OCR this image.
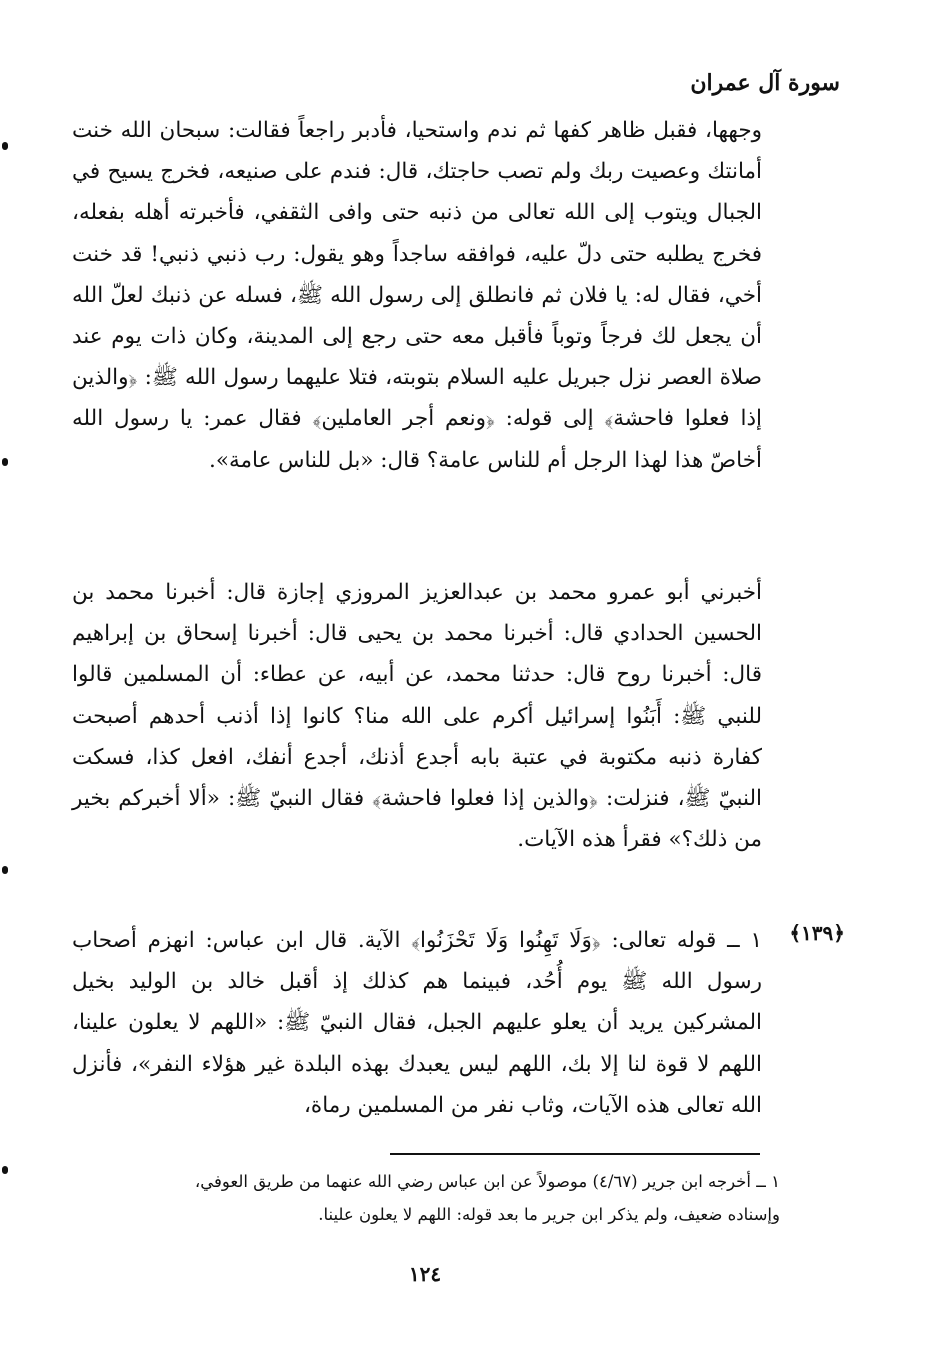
سورة آل عمران

وجهها، فقبل ظاهر كفها ثم ندم واستحيا، فأدبر راجعاً فقالت: سبحان الله خنت أمانتك وعصيت ربك ولم تصب حاجتك، قال: فندم على صنيعه، فخرج يسيح في الجبال ويتوب إلى الله تعالى من ذنبه حتى وافى الثقفي، فأخبرته أهله بفعله، فخرج يطلبه حتى دلّ عليه، فوافقه ساجداً وهو يقول: رب ذنبي ذنبي! قد خنت أخي، فقال له: يا فلان ثم فانطلق إلى رسول الله ﷺ، فسله عن ذنبك لعلّ الله أن يجعل لك فرجاً وتوباً فأقبل معه حتى رجع إلى المدينة، وكان ذات يوم عند صلاة العصر نزل جبريل عليه السلام بتوبته، فتلا عليهما رسول الله ﷺ: ﴿والذين إذا فعلوا فاحشة﴾ إلى قوله: ﴿ونعم أجر العاملين﴾ فقال عمر: يا رسول الله أخاصّ هذا لهذا الرجل أم للناس عامة؟ قال: «بل للناس عامة».

أخبرني أبو عمرو محمد بن عبدالعزيز المروزي إجازة قال: أخبرنا محمد بن الحسين الحدادي قال: أخبرنا محمد بن يحيى قال: أخبرنا إسحاق بن إبراهيم قال: أخبرنا روح قال: حدثنا محمد، عن أبيه، عن عطاء: أن المسلمين قالوا للنبي ﷺ: أَبَنُوا إسرائيل أكرم على الله منا؟ كانوا إذا أذنب أحدهم أصبحت كفارة ذنبه مكتوبة في عتبة بابه أجدع أذنك، أجدع أنفك، افعل كذا، فسكت النبيّ ﷺ، فنزلت: ﴿والذين إذا فعلوا فاحشة﴾ فقال النبيّ ﷺ: «ألا أخبركم بخير من ذلك؟» فقرأ هذه الآيات.

﴿١٣٩﴾

١ ــ قوله تعالى: ﴿وَلَا تَهِنُوا وَلَا تَحْزَنُوا﴾ الآية. قال ابن عباس: انهزم أصحاب رسول الله ﷺ يوم أُحُد، فبينما هم كذلك إذ أقبل خالد بن الوليد بخيل المشركين يريد أن يعلو عليهم الجبل، فقال النبيّ ﷺ: «اللهم لا يعلون علينا، اللهم لا قوة لنا إلا بك، اللهم ليس يعبدك بهذه البلدة غير هؤلاء النفر»، فأنزل الله تعالى هذه الآيات، وثاب نفر من المسلمين رماة،

١ ــ أخرجه ابن جرير (٤/٦٧) موصولاً عن ابن عباس رضي الله عنهما من طريق العوفي،

وإسناده ضعيف، ولم يذكر ابن جرير ما بعد قوله: اللهم لا يعلون علينا.

١٢٤
